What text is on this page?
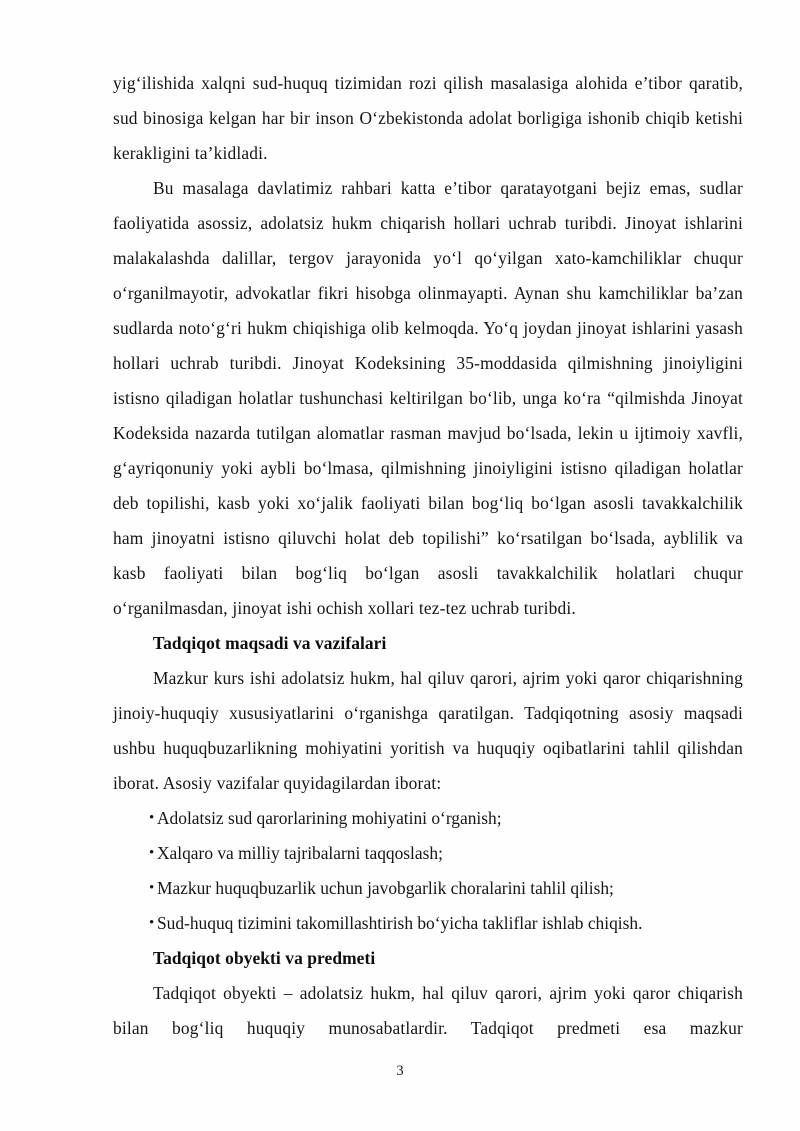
yig‘ilishida xalqni sud-huquq tizimidan rozi qilish masalasiga alohida e’tibor qaratib, sud binosiga kelgan har bir inson O‘zbekistonda adolat borligiga ishonib chiqib ketishi kerakligini ta’kidladi.

Bu masalaga davlatimiz rahbari katta e’tibor qaratayotgani bejiz emas, sudlar faoliyatida asossiz, adolatsiz hukm chiqarish hollari uchrab turibdi. Jinoyat ishlarini malakalashda dalillar, tergov jarayonida yo‘l qo‘yilgan xato-kamchiliklar chuqur o‘rganilmayotir, advokatlar fikri hisobga olinmayapti. Aynan shu kamchiliklar ba’zan sudlarda noto‘g‘ri hukm chiqishiga olib kelmoqda. Yo‘q joydan jinoyat ishlarini yasash hollari uchrab turibdi. Jinoyat Kodeksining 35-moddasida qilmishning jinoiyligini istisno qiladigan holatlar tushunchasi keltirilgan bo‘lib, unga ko‘ra “qilmishda Jinoyat Kodeksida nazarda tutilgan alomatlar rasman mavjud bo‘lsada, lekin u ijtimoiy xavfli, g‘ayriqonuniy yoki aybli bo‘lmasa, qilmishning jinoiyligini istisno qiladigan holatlar deb topilishi, kasb yoki xo‘jalik faoliyati bilan bog‘liq bo‘lgan asosli tavakkalchilik ham jinoyatni istisno qiluvchi holat deb topilishi” ko‘rsatilgan bo‘lsada, ayblilik va kasb faoliyati bilan bog‘liq bo‘lgan asosli tavakkalchilik holatlari chuqur o‘rganilmasdan, jinoyat ishi ochish xollari tez-tez uchrab turibdi.

Tadqiqot maqsadi va vazifalari

Mazkur kurs ishi adolatsiz hukm, hal qiluv qarori, ajrim yoki qaror chiqarishning jinoiy-huquqiy xususiyatlarini o‘rganishga qaratilgan. Tadqiqotning asosiy maqsadi ushbu huquqbuzarlikning mohiyatini yoritish va huquqiy oqibatlarini tahlil qilishdan iborat. Asosiy vazifalar quyidagilardan iborat:

• Adolatsiz sud qarorlarining mohiyatini o‘rganish;
• Xalqaro va milliy tajribalarni taqqoslash;
• Mazkur huquqbuzarlik uchun javobgarlik choralarini tahlil qilish;
• Sud-huquq tizimini takomillashtirish bo‘yicha takliflar ishlab chiqish.
Tadqiqot obyekti va predmeti

Tadqiqot obyekti – adolatsiz hukm, hal qiluv qarori, ajrim yoki qaror chiqarish bilan bog‘liq huquqiy munosabatlardir. Tadqiqot predmeti esa mazkur

3
